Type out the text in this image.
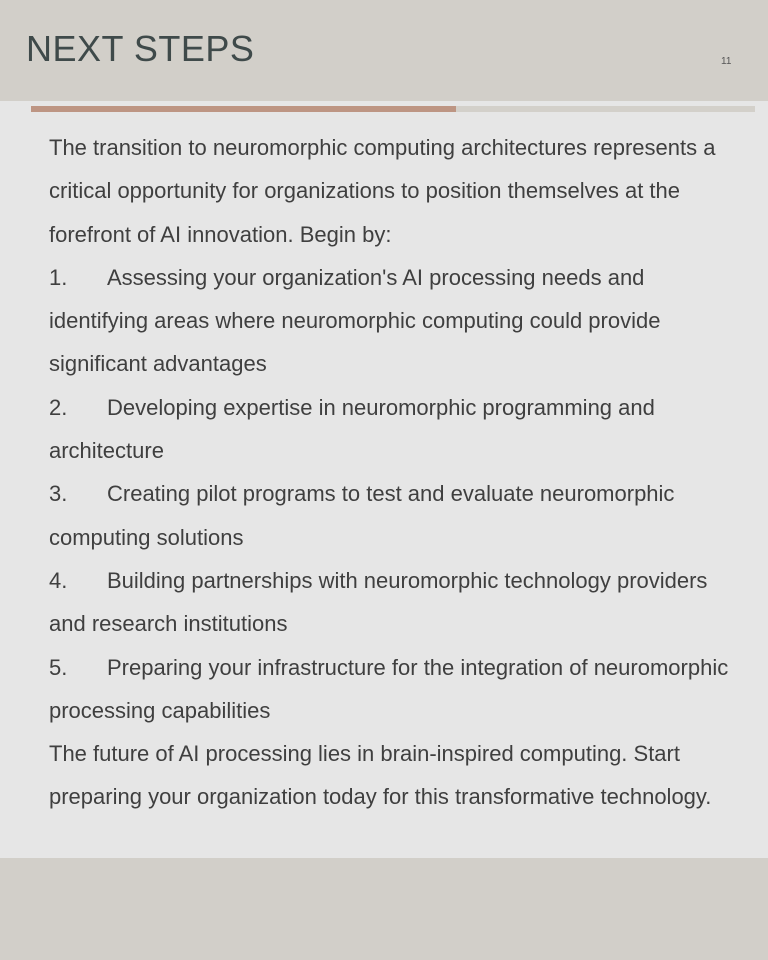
NEXT STEPS	11

The transition to neuromorphic computing architectures represents a critical opportunity for organizations to position themselves at the forefront of AI innovation. Begin by:

1. Assessing your organization's AI processing needs and identifying areas where neuromorphic computing could provide significant advantages

2. Developing expertise in neuromorphic programming and architecture

3. Creating pilot programs to test and evaluate neuromorphic computing solutions

4. Building partnerships with neuromorphic technology providers and research institutions

5. Preparing your infrastructure for the integration of neuromorphic processing capabilities

The future of AI processing lies in brain-inspired computing. Start preparing your organization today for this transformative technology.
